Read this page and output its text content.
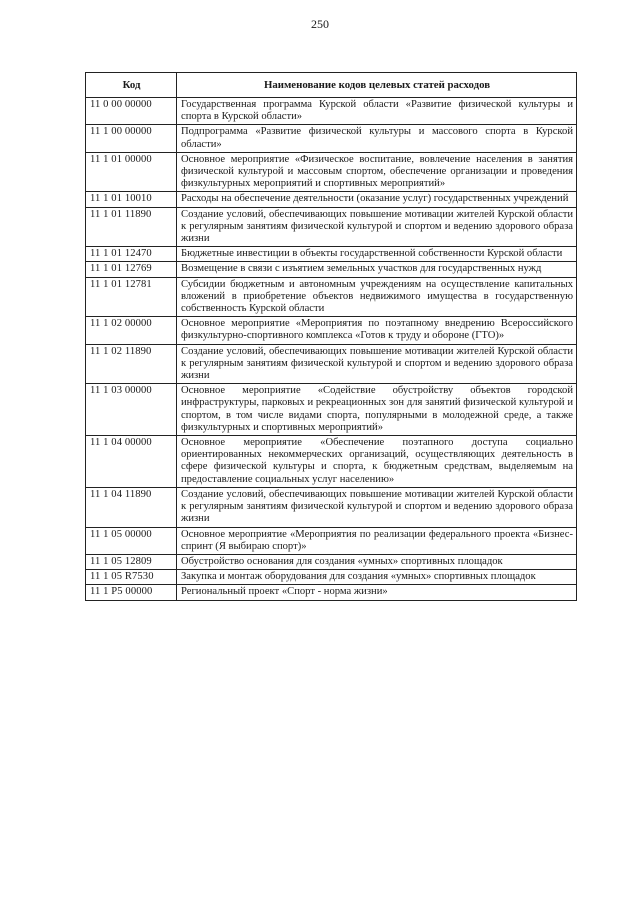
250
Код	Наименование кодов целевых статей расходов
11 0 00 00000	Государственная программа Курской области «Развитие физической культуры и спорта в Курской области»
11 1 00 00000	Подпрограмма «Развитие физической культуры и массового спорта в Курской области»
11 1 01 00000	Основное мероприятие «Физическое воспитание, вовлечение населения в занятия физической культурой и массовым спортом, обеспечение организации и проведения физкультурных мероприятий и спортивных мероприятий»
11 1 01 10010	Расходы на обеспечение деятельности (оказание услуг) государственных учреждений
11 1 01 11890	Создание условий, обеспечивающих повышение мотивации жителей Курской области к регулярным занятиям физической культурой и спортом и ведению здорового образа жизни
11 1 01 12470	Бюджетные инвестиции в объекты государственной собственности Курской области
11 1 01 12769	Возмещение в связи с изъятием земельных участков для государственных нужд
11 1 01 12781	Субсидии бюджетным и автономным учреждениям на осуществление капитальных вложений в приобретение объектов недвижимого имущества в государственную собственность Курской области
11 1 02 00000	Основное мероприятие «Мероприятия по поэтапному внедрению Всероссийского физкультурно-спортивного комплекса «Готов к труду и обороне (ГТО)»
11 1 02 11890	Создание условий, обеспечивающих повышение мотивации жителей Курской области к регулярным занятиям физической культурой и спортом и ведению здорового образа жизни
11 1 03 00000	Основное мероприятие «Содействие обустройству объектов городской инфраструктуры, парковых и рекреационных зон для занятий физической культурой и спортом, в том числе видами спорта, популярными в молодежной среде, а также физкультурных и спортивных мероприятий»
11 1 04 00000	Основное мероприятие «Обеспечение поэтапного доступа социально ориентированных некоммерческих организаций, осуществляющих деятельность в сфере физической культуры и спорта, к бюджетным средствам, выделяемым на предоставление социальных услуг населению»
11 1 04 11890	Создание условий, обеспечивающих повышение мотивации жителей Курской области к регулярным занятиям физической культурой и спортом и ведению здорового образа жизни
11 1 05 00000	Основное мероприятие «Мероприятия по реализации федерального проекта «Бизнес-спринт (Я выбираю спорт)»
11 1 05 12809	Обустройство основания для создания «умных» спортивных площадок
11 1 05 R7530	Закупка и монтаж оборудования для создания «умных» спортивных площадок
11 1 P5 00000	Региональный проект «Спорт - норма жизни»
